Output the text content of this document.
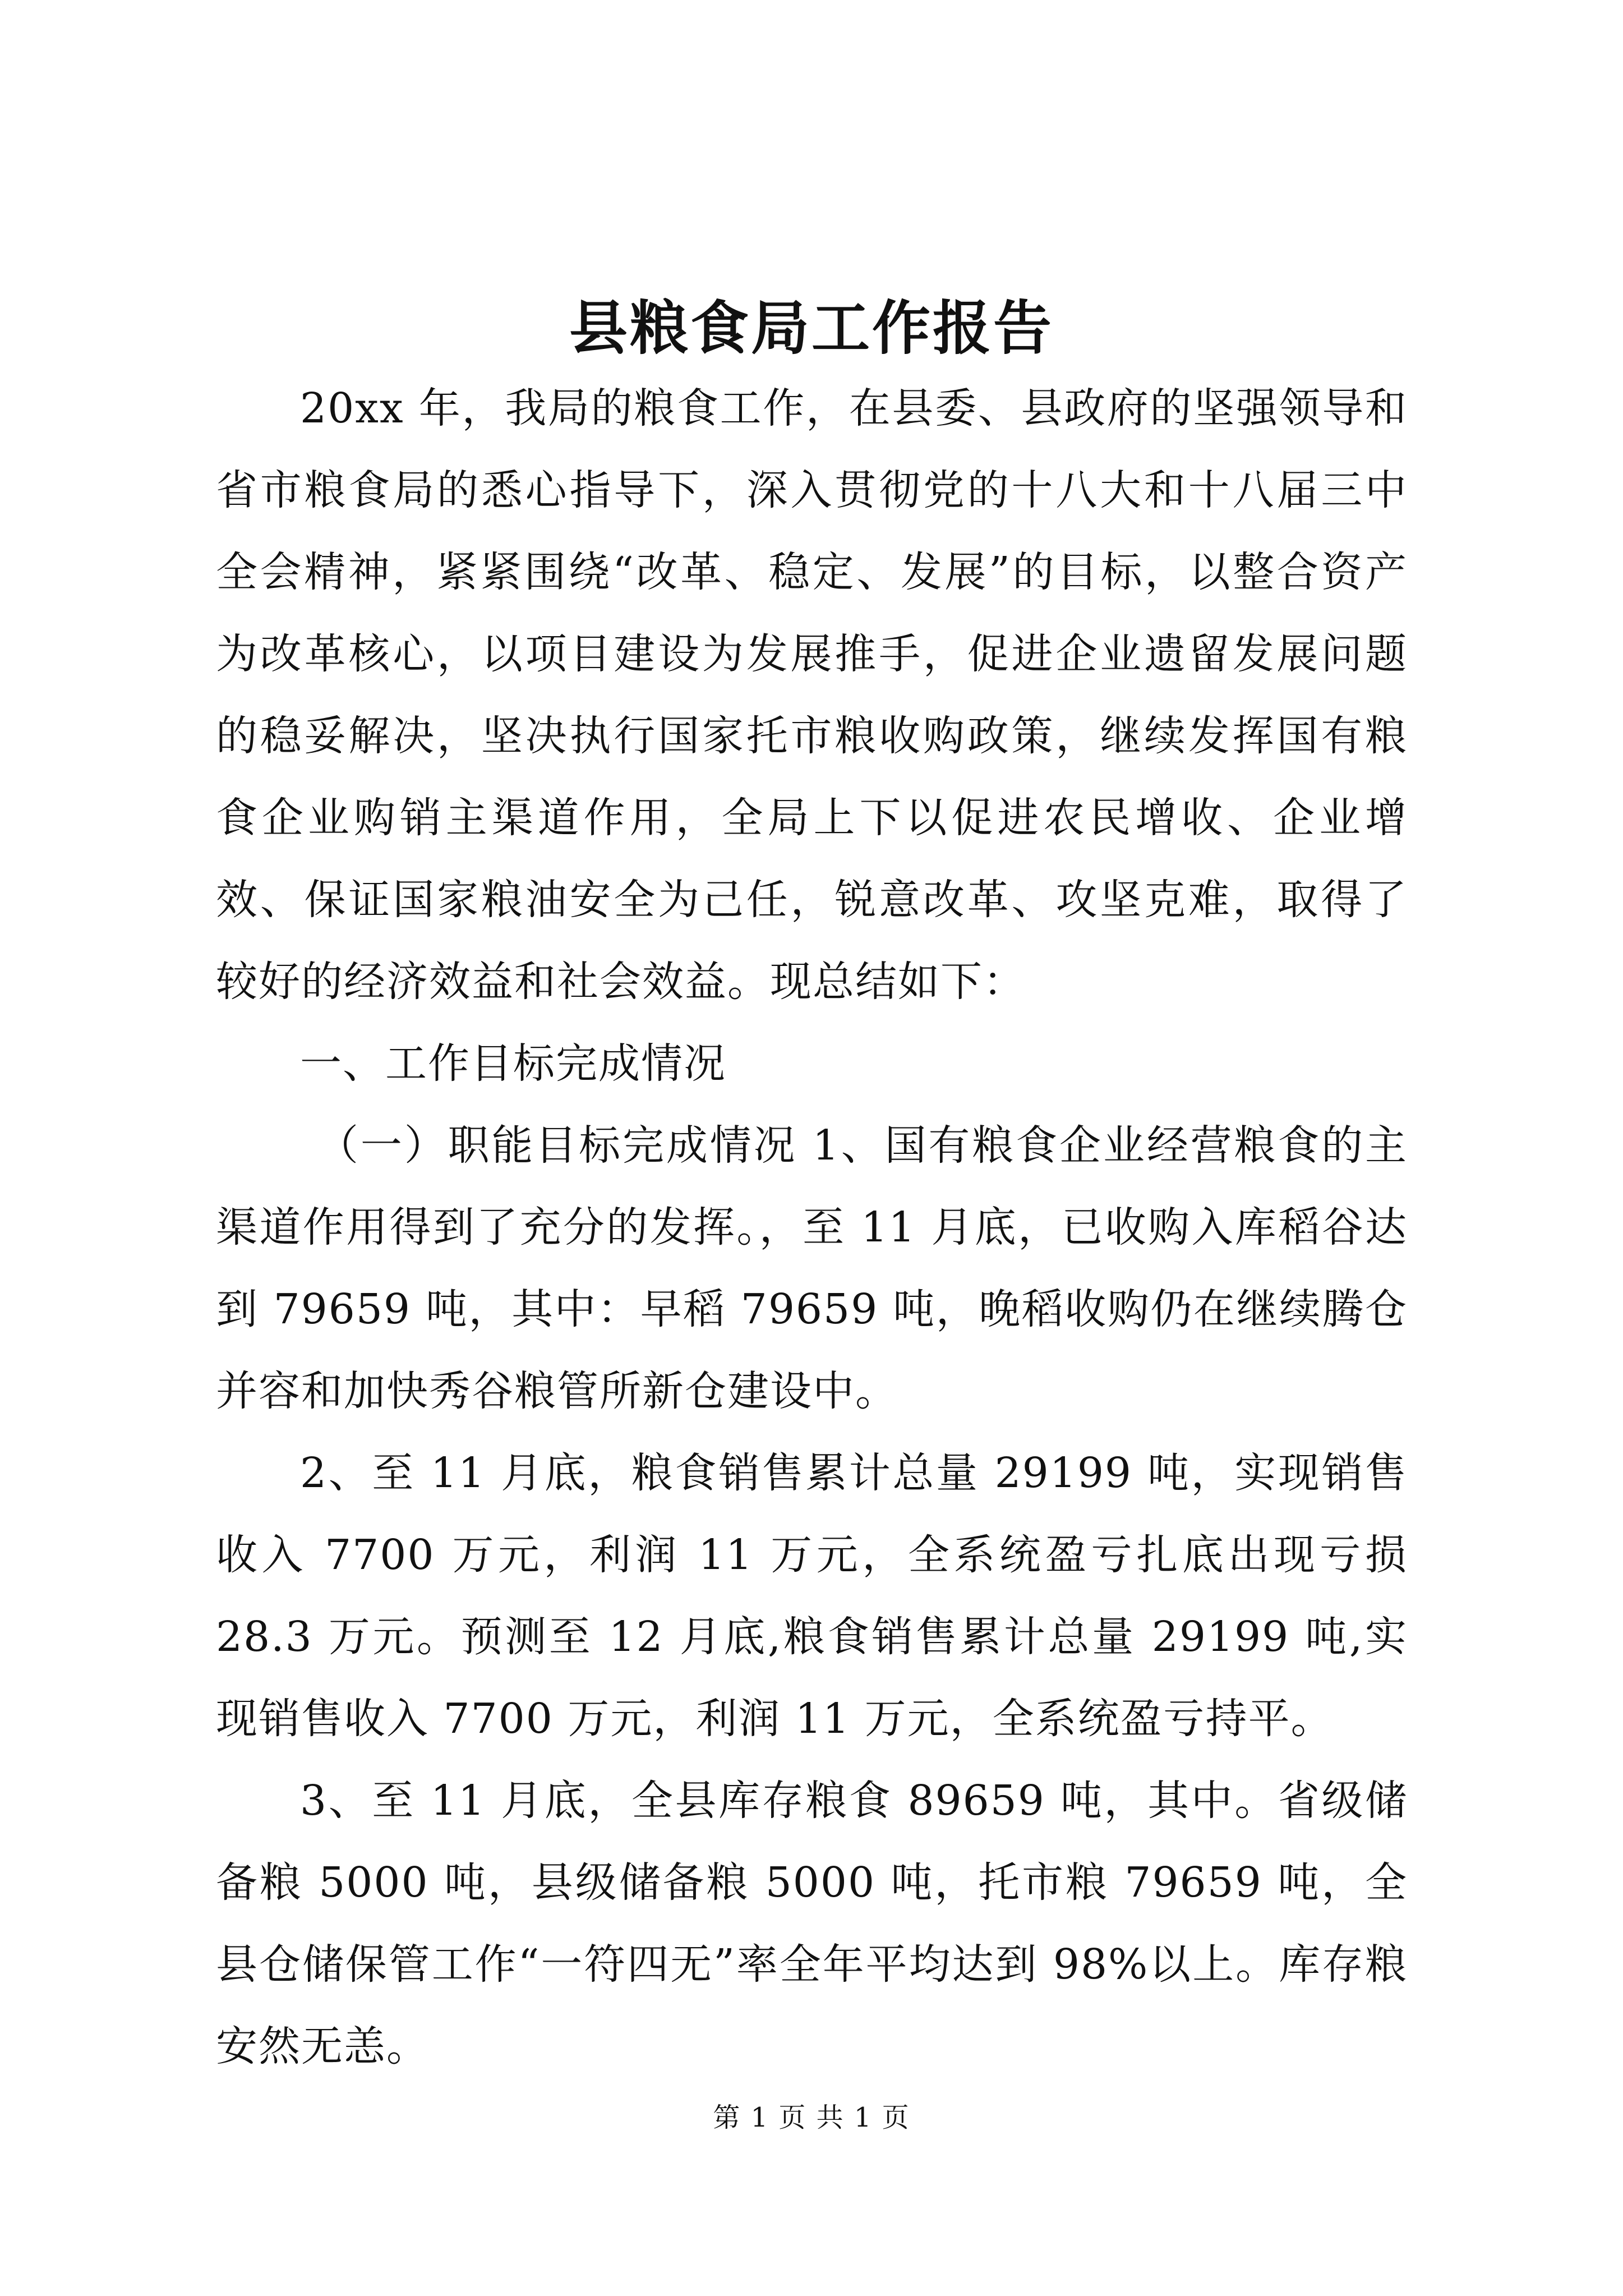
县粮食局工作报告

20xx 年，我局的粮食工作，在县委、县政府的坚强领导和省市粮食局的悉心指导下，深入贯彻党的十八大和十八届三中全会精神，紧紧围绕“改革、稳定、发展”的目标，以整合资产为改革核心，以项目建设为发展推手，促进企业遗留发展问题的稳妥解决，坚决执行国家托市粮收购政策，继续发挥国有粮食企业购销主渠道作用，全局上下以促进农民增收、企业增效、保证国家粮油安全为己任，锐意改革、攻坚克难，取得了较好的经济效益和社会效益。现总结如下：

一、工作目标完成情况

（一）职能目标完成情况 1、国有粮食企业经营粮食的主渠道作用得到了充分的发挥。，至 11 月底，已收购入库稻谷达到 79659 吨，其中：早稻 79659 吨，晚稻收购仍在继续腾仓并容和加快秀谷粮管所新仓建设中。

2、至 11 月底，粮食销售累计总量 29199 吨，实现销售收入 7700 万元，利润 11 万元，全系统盈亏扎底出现亏损 28.3 万元。预测至 12 月底,粮食销售累计总量 29199 吨,实现销售收入 7700 万元，利润 11 万元，全系统盈亏持平。

3、至 11 月底，全县库存粮食 89659 吨，其中。省级储备粮 5000 吨，县级储备粮 5000 吨，托市粮 79659 吨，全县仓储保管工作“一符四无”率全年平均达到 98%以上。库存粮安然无恙。

第 1 页 共 1 页
